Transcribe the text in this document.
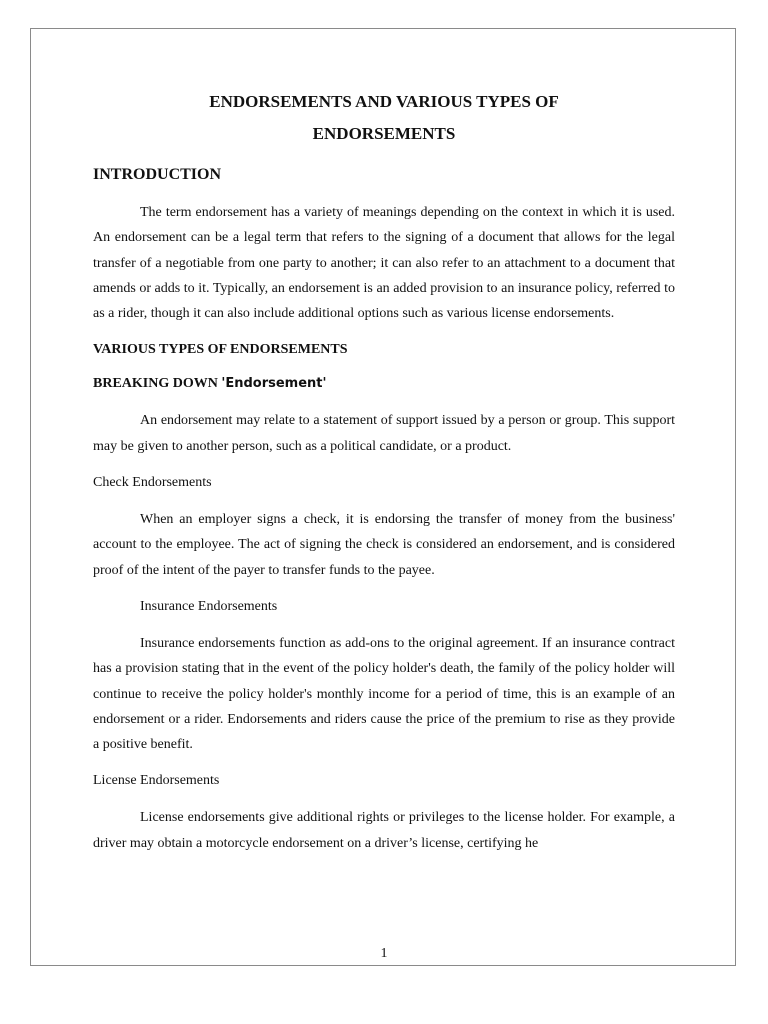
ENDORSEMENTS AND VARIOUS TYPES OF
ENDORSEMENTS
INTRODUCTION

The term endorsement has a variety of meanings depending on the context in which it is used. An endorsement can be a legal term that refers to the signing of a document that allows for the legal transfer of a negotiable from one party to another; it can also refer to an attachment to a document that amends or adds to it. Typically, an endorsement is an added provision to an insurance policy, referred to as a rider, though it can also include additional options such as various license endorsements.

VARIOUS TYPES OF ENDORSEMENTS
BREAKING DOWN 'Endorsement'

An endorsement may relate to a statement of support issued by a person or group. This support may be given to another person, such as a political candidate, or a product.

Check Endorsements

When an employer signs a check, it is endorsing the transfer of money from the business' account to the employee. The act of signing the check is considered an endorsement, and is considered proof of the intent of the payer to transfer funds to the payee.

Insurance Endorsements

Insurance endorsements function as add-ons to the original agreement. If an insurance contract has a provision stating that in the event of the policy holder's death, the family of the policy holder will continue to receive the policy holder's monthly income for a period of time, this is an example of an endorsement or a rider. Endorsements and riders cause the price of the premium to rise as they provide a positive benefit.

License Endorsements

License endorsements give additional rights or privileges to the license holder. For example, a driver may obtain a motorcycle endorsement on a driver’s license, certifying he

1
